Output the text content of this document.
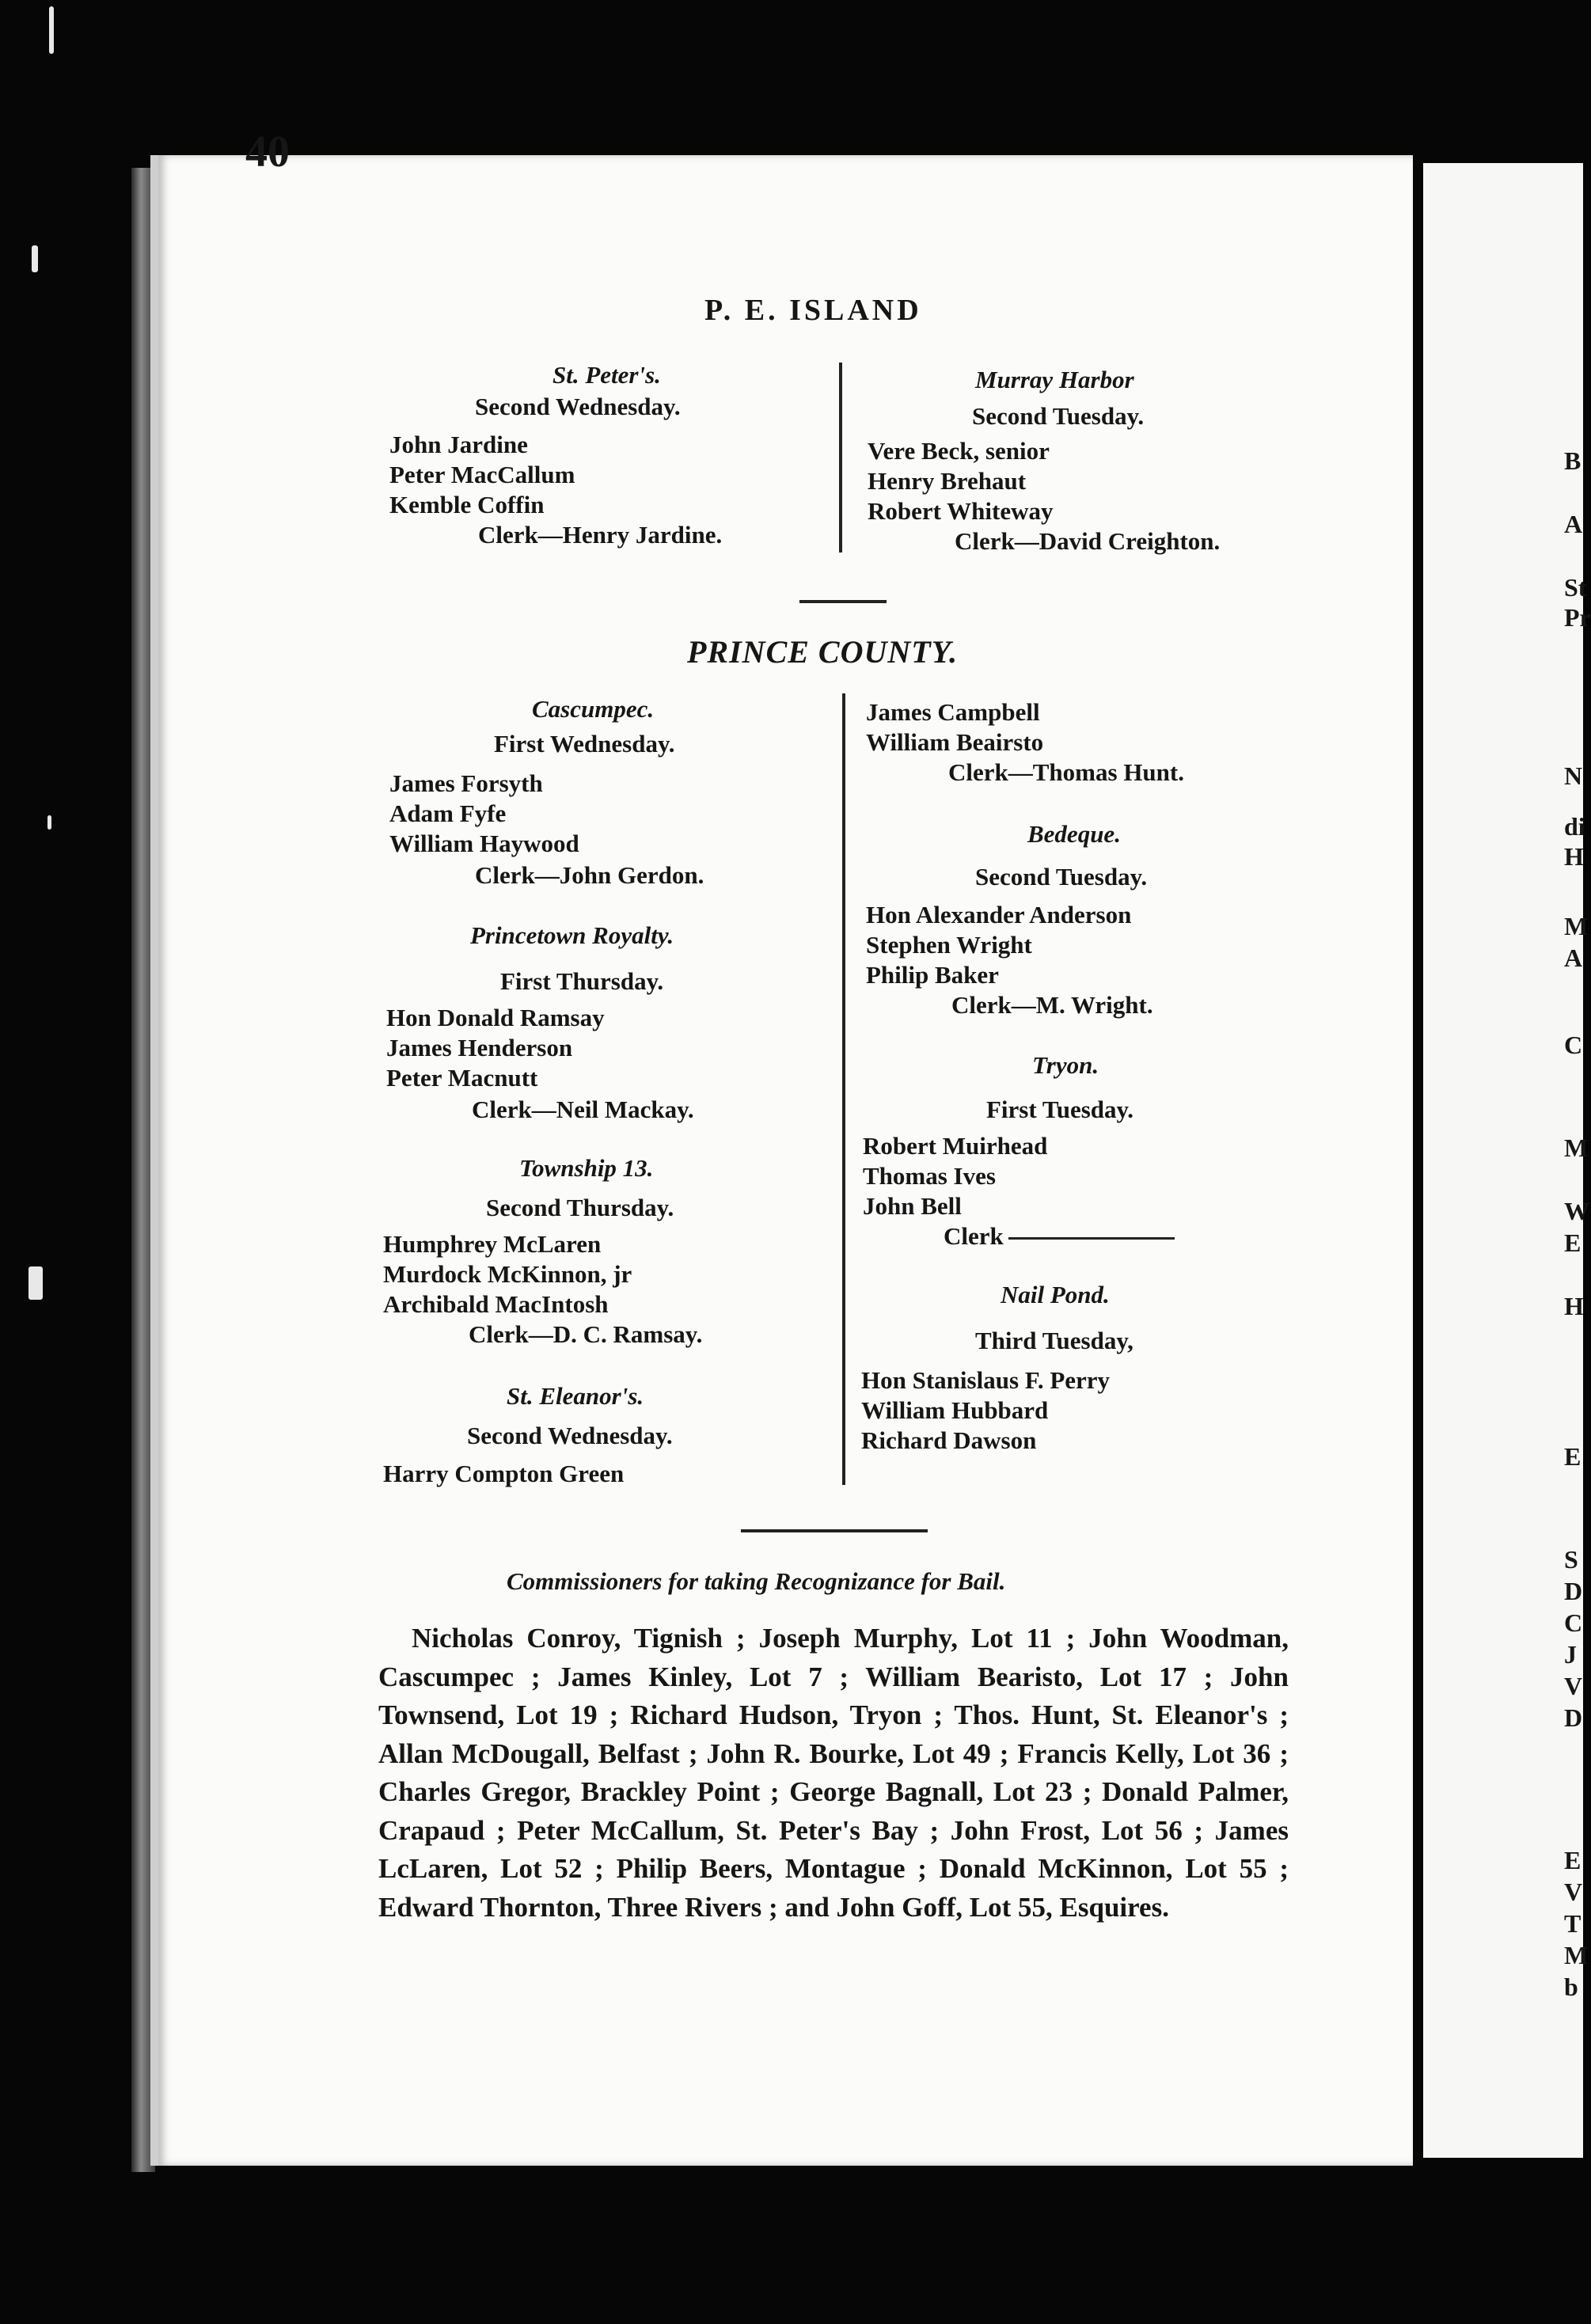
B
A
St
Pr
N
di
H
M
A
C
M
W
E
H
E
S
D
C
J
V
D
E
V
T
M
b
40
P. E. ISLAND
St. Peter's.
Second Wednesday.
John Jardine
Peter MacCallum
Kemble Coffin
Clerk—Henry Jardine.
Murray Harbor
Second Tuesday.
Vere Beck, senior
Henry Brehaut
Robert Whiteway
Clerk—David Creighton.
PRINCE COUNTY.
Cascumpec.
First Wednesday.
James Forsyth
Adam Fyfe
William Haywood
Clerk—John Gerdon.
Princetown Royalty.
First Thursday.
Hon Donald Ramsay
James Henderson
Peter Macnutt
Clerk—Neil Mackay.
Township 13.
Second Thursday.
Humphrey McLaren
Murdock McKinnon, jr
Archibald MacIntosh
Clerk—D. C. Ramsay.
St. Eleanor's.
Second Wednesday.
Harry Compton Green
James Campbell
William Beairsto
Clerk—Thomas Hunt.
Bedeque.
Second Tuesday.
Hon Alexander Anderson
Stephen Wright
Philip Baker
Clerk—M. Wright.
Tryon.
First Tuesday.
Robert Muirhead
Thomas Ives
John Bell
Clerk
Nail Pond.
Third Tuesday,
Hon Stanislaus F. Perry
William Hubbard
Richard Dawson
Commissioners for taking Recognizance for Bail.

Nicholas Conroy, Tignish ; Joseph Murphy, Lot 11 ; John Woodman, Cascumpec ; James Kinley, Lot 7 ; William Bearisto, Lot 17 ; John Townsend, Lot 19 ; Richard Hudson, Tryon ; Thos. Hunt, St. Eleanor's ; Allan McDougall, Belfast ; John R. Bourke, Lot 49 ; Francis Kelly, Lot 36 ; Charles Gregor, Brackley Point ; George Bagnall, Lot 23 ; Donald Palmer, Crapaud ; Peter McCallum, St. Peter's Bay ; John Frost, Lot 56 ; James LcLaren, Lot 52 ; Philip Beers, Montague ; Donald McKinnon, Lot 55 ; Edward Thornton, Three Rivers ; and John Goff, Lot 55, Esquires.
